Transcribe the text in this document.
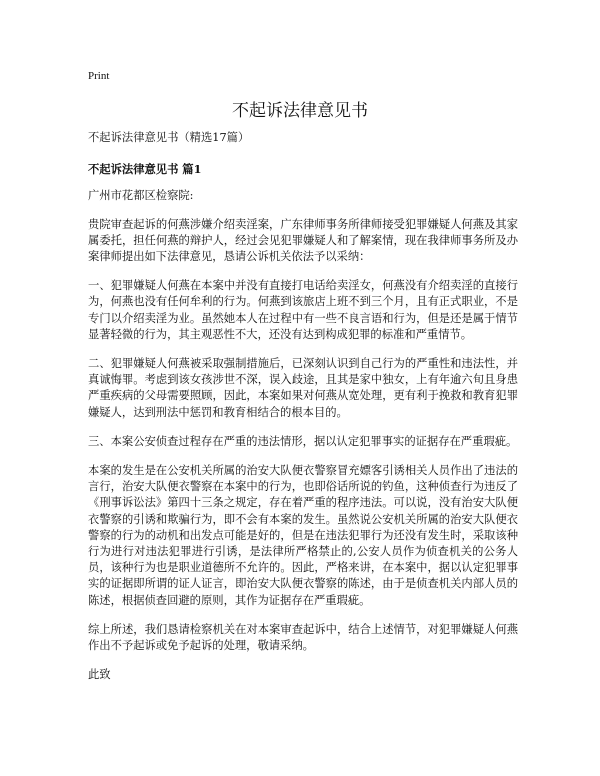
Print
不起诉法律意见书

不起诉法律意见书（精选17篇）

不起诉法律意见书 篇1

广州市花都区检察院:

贵院审查起诉的何燕涉嫌介绍卖淫案，广东律师事务所律师接受犯罪嫌疑人何燕及其家属委托，担任何燕的辩护人，经过会见犯罪嫌疑人和了解案情，现在我律师事务所及办案律师提出如下法律意见，恳请公诉机关依法予以采纳：

一、犯罪嫌疑人何燕在本案中并没有直接打电话给卖淫女，何燕没有介绍卖淫的直接行为，何燕也没有任何牟利的行为。何燕到该旅店上班不到三个月，且有正式职业，不是专门以介绍卖淫为业。虽然她本人在过程中有一些不良言语和行为，但是还是属于情节显著轻微的行为，其主观恶性不大，还没有达到构成犯罪的标准和严重情节。

二、犯罪嫌疑人何燕被采取强制措施后，已深刻认识到自己行为的严重性和违法性，并真诚悔罪。考虑到该女孩涉世不深，误入歧途，且其是家中独女，上有年逾六旬且身患严重疾病的父母需要照顾，因此，本案如果对何燕从宽处理，更有利于挽救和教育犯罪嫌疑人，达到刑法中惩罚和教育相结合的根本目的。

三、本案公安侦查过程存在严重的违法情形，据以认定犯罪事实的证据存在严重瑕疵。

本案的发生是在公安机关所属的治安大队便衣警察冒充嫖客引诱相关人员作出了违法的言行，治安大队便衣警察在本案中的行为，也即俗话所说的钓鱼，这种侦查行为违反了《刑事诉讼法》第四十三条之规定，存在着严重的程序违法。可以说，没有治安大队便衣警察的引诱和欺骗行为，即不会有本案的发生。虽然说公安机关所属的治安大队便衣警察的行为的动机和出发点可能是好的，但是在违法犯罪行为还没有发生时，采取该种行为进行对违法犯罪进行引诱，是法律所严格禁止的,公安人员作为侦查机关的公务人员，该种行为也是职业道德所不允许的。因此，严格来讲，在本案中，据以认定犯罪事实的证据即所谓的证人证言，即治安大队便衣警察的陈述，由于是侦查机关内部人员的陈述，根据侦查回避的原则，其作为证据存在严重瑕疵。

综上所述，我们恳请检察机关在对本案审查起诉中，结合上述情节，对犯罪嫌疑人何燕作出不予起诉或免予起诉的处理，敬请采纳。

此致
